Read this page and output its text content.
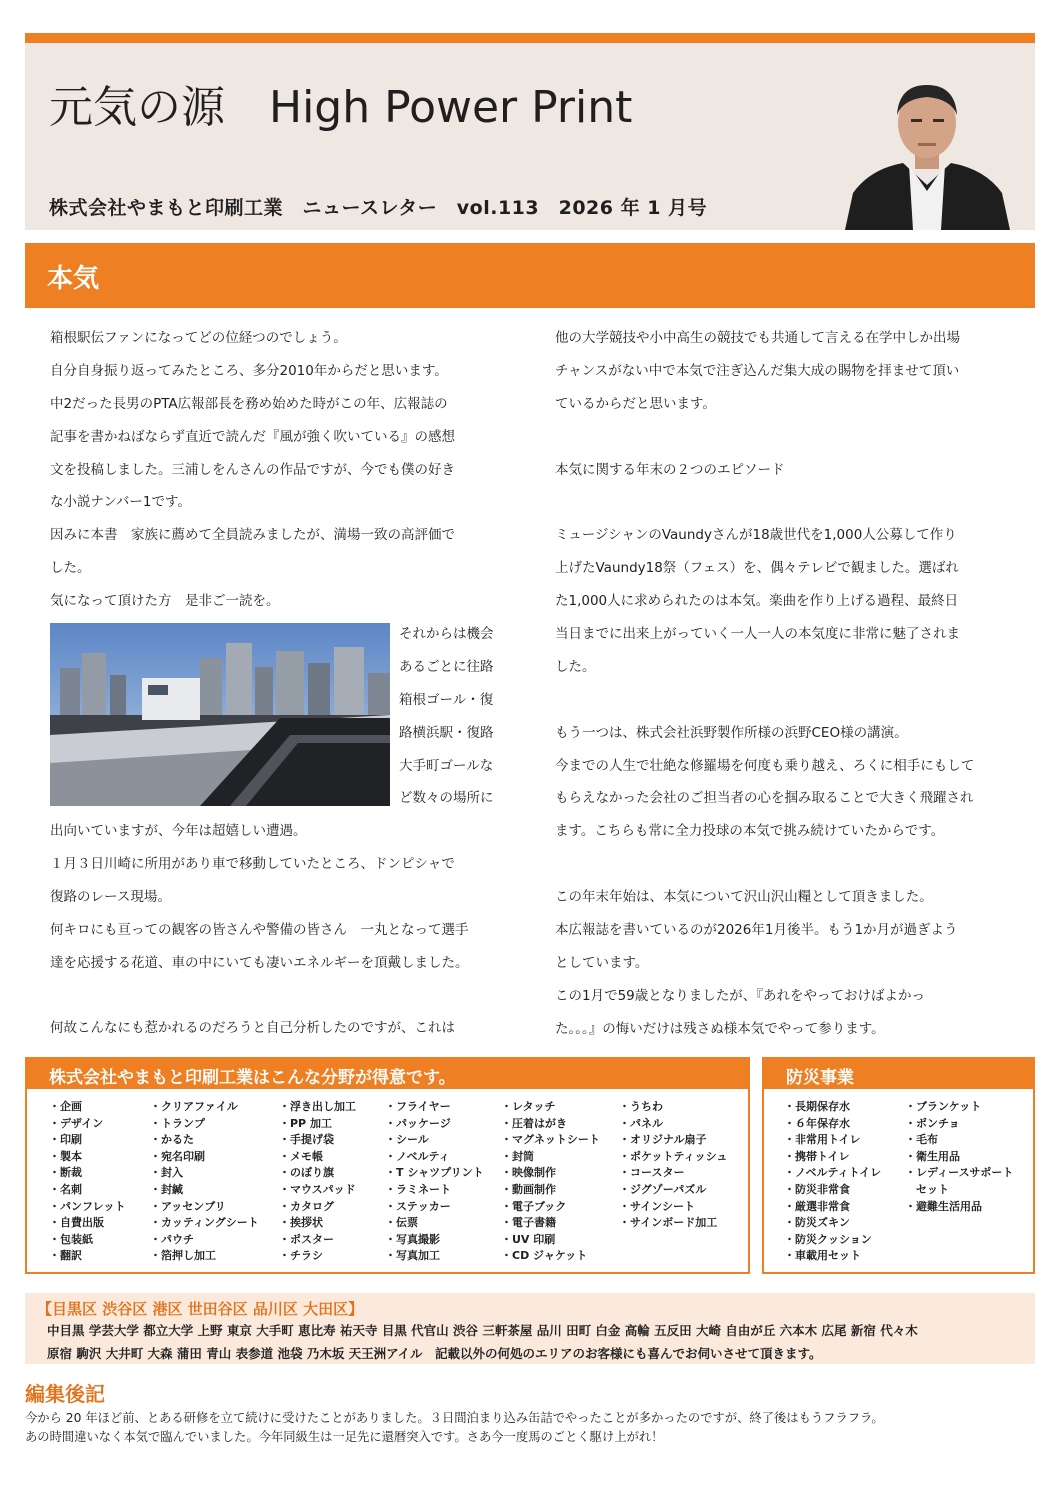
元気の源　High Power Print
株式会社やまもと印刷工業　ニュースレター　vol.113　2026 年 1 月号
本気

箱根駅伝ファンになってどの位経つのでしょう。

自分自身振り返ってみたところ、多分2010年からだと思います。

中2だった長男のPTA広報部長を務め始めた時がこの年、広報誌の

記事を書かねばならず直近で読んだ『風が強く吹いている』の感想

文を投稿しました。三浦しをんさんの作品ですが、今でも僕の好き

な小説ナンバー1です。

因みに本書　家族に薦めて全員読みましたが、満場一致の高評価で

した。

気になって頂けた方　是非ご一読を。

それからは機会

あるごとに往路

箱根ゴール・復

路横浜駅・復路

大手町ゴールな

ど数々の場所に

出向いていますが、今年は超嬉しい遭遇。

１月３日川崎に所用があり車で移動していたところ、ドンピシャで

復路のレース現場。

何キロにも亘っての観客の皆さんや警備の皆さん　一丸となって選手

達を応援する花道、車の中にいても凄いエネルギーを頂戴しました。

何故こんなにも惹かれるのだろうと自己分析したのですが、これは

他の大学競技や小中高生の競技でも共通して言える在学中しか出場

チャンスがない中で本気で注ぎ込んだ集大成の賜物を拝ませて頂い

ているからだと思います。

本気に関する年末の２つのエピソード

ミュージシャンのVaundyさんが18歳世代を1,000人公募して作り

上げたVaundy18祭（フェス）を、偶々テレビで観ました。選ばれ

た1,000人に求められたのは本気。楽曲を作り上げる過程、最終日

当日までに出来上がっていく一人一人の本気度に非常に魅了されま

した。

もう一つは、株式会社浜野製作所様の浜野CEO様の講演。

今までの人生で壮絶な修羅場を何度も乗り越え、ろくに相手にもして

もらえなかった会社のご担当者の心を掴み取ることで大きく飛躍され

ます。こちらも常に全力投球の本気で挑み続けていたからです。

この年末年始は、本気について沢山沢山糧として頂きました。

本広報誌を書いているのが2026年1月後半。もう1か月が過ぎよう

としています。

この1月で59歳となりましたが、『あれをやっておけばよかっ

た。。。』の悔いだけは残さぬ様本気でやって参ります。

株式会社やまもと印刷工業はこんな分野が得意です。
・企画
・デザイン
・印刷
・製本
・断裁
・名刺
・パンフレット
・自費出版
・包装紙
・翻訳
・クリアファイル
・トランプ
・かるた
・宛名印刷
・封入
・封緘
・アッセンブリ
・カッティングシート
・パウチ
・箔押し加工
・浮き出し加工
・PP 加工
・手提げ袋
・メモ帳
・のぼり旗
・マウスパッド
・カタログ
・挨拶状
・ポスター
・チラシ
・フライヤー
・パッケージ
・シール
・ノベルティ
・T シャツプリント
・ラミネート
・ステッカー
・伝票
・写真撮影
・写真加工
・レタッチ
・圧着はがき
・マグネットシート
・封筒
・映像制作
・動画制作
・電子ブック
・電子書籍
・UV 印刷
・CD ジャケット
・うちわ
・パネル
・オリジナル扇子
・ポケットティッシュ
・コースター
・ジグゾーパズル
・サインシート
・サインボード加工
防災事業
・長期保存水
・６年保存水
・非常用トイレ
・携帯トイレ
・ノベルティトイレ
・防災非常食
・厳選非常食
・防災ズキン
・防災クッション
・車載用セット
・ブランケット
・ポンチョ
・毛布
・衛生用品
・レディースサポート
　セット
・避難生活用品
【目黒区 渋谷区 港区 世田谷区 品川区 大田区】
中目黒 学芸大学 都立大学 上野 東京 大手町 恵比寿 祐天寺 目黒 代官山 渋谷 三軒茶屋 品川 田町 白金 高輪 五反田 大崎 自由が丘 六本木 広尾 新宿 代々木
原宿 駒沢 大井町 大森 蒲田 青山 表参道 池袋 乃木坂 天王洲アイル　記載以外の何処のエリアのお客様にも喜んでお伺いさせて頂きます。
編集後記

今から 20 年ほど前、とある研修を立て続けに受けたことがありました。３日間泊まり込み缶詰でやったことが多かったのですが、終了後はもうフラフラ。

あの時間違いなく本気で臨んでいました。今年同級生は一足先に還暦突入です。さあ今一度馬のごとく駆け上がれ！
